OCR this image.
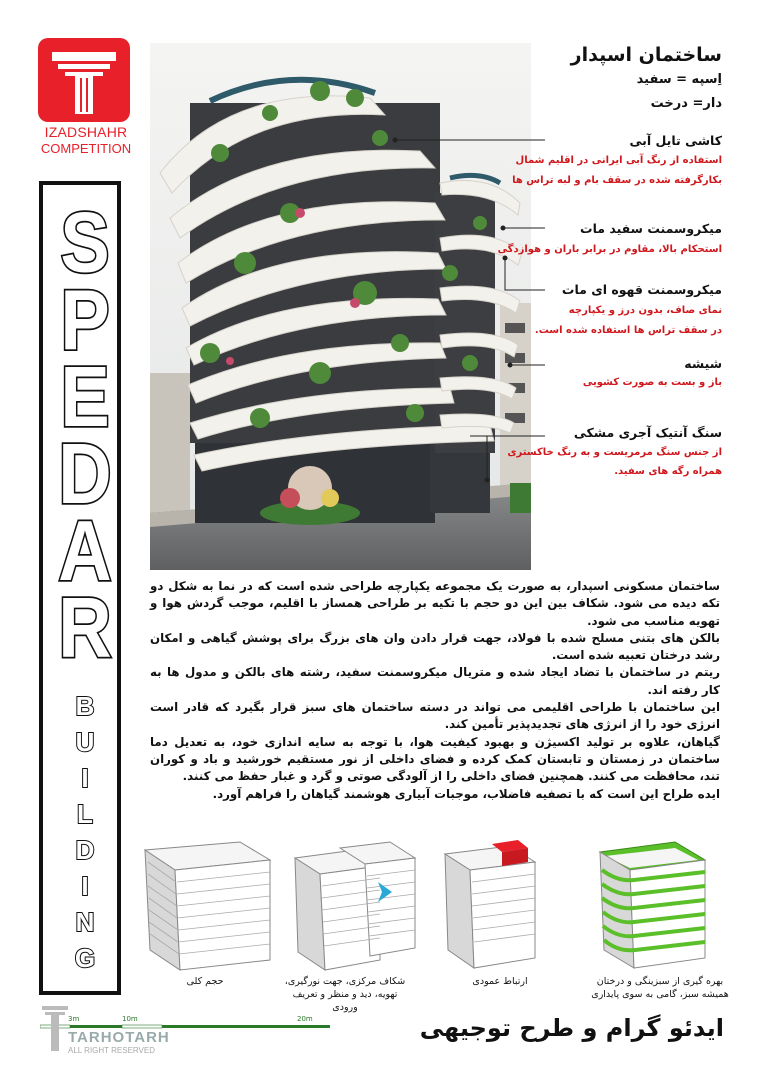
IZADSHAHR
COMPETITION
S
P
E
D
A
R
B
U
I
L
D
I
N
G
ساختمان اسپدار
اِسپه = سفید
دار= درخت
کاشی تایل آبی
استفاده از رنگ آبی ایرانی در اقلیم شمال
بکارگرفته شده در سقف بام و لبه تراس ها
میکروسمنت سفید مات
استحکام بالا، مقاوم در برابر باران و هوازدگی
میکروسمنت قهوه ای مات
نمای صاف، بدون درز و یکپارچه
در سقف تراس ها استفاده شده است.
شیشه
باز و بست به صورت کشویی
سنگ آنتیک آجری مشکی
از جنس سنگ مرمریست و به رنگ خاکستری
همراه رگه های سفید.

ساختمان مسکونی اسپدار، به صورت یک مجموعه یکپارچه طراحی شده است که در نما به شکل دو تکه دیده می شود. شکاف بین این دو حجم با تکیه بر طراحی همساز با اقلیم، موجب گردش هوا و تهویه مناسب می شود.

بالکن های بتنی مسلح شده با فولاد، جهت قرار دادن وان های بزرگ برای پوشش گیاهی و امکان رشد درختان تعبیه شده است.

ریتم در ساختمان با تضاد ایجاد شده و متریال میکروسمنت سفید، رشته های بالکن و مدول ها به کار رفته اند.

این ساختمان با طراحی اقلیمی می تواند در دسته ساختمان های سبز قرار بگیرد که قادر است انرژی خود را از انرژی های تجدیدپذیر تأمین کند.

گیاهان، علاوه بر تولید اکسیژن و بهبود کیفیت هوا، با توجه به سایه اندازی خود، به تعدیل دما ساختمان در زمستان و تابستان کمک کرده و فضای داخلی از نور مستقیم خورشید و باد و کوران تند، محافظت می کنند. همچنین فضای داخلی را از آلودگی صوتی و گرد و غبار حفظ می کنند.

ایده طراح این است که با تصفیه فاضلاب، موجبات آبیاری هوشمند گیاهان را فراهم آورد.

حجم کلی	شکاف مرکزی، جهت نورگیری،
تهویه، دید و منظر و تعریف ورودی
ارتباط عمودی	بهره گیری از سبزینگی و درختان
همیشه سبز، گامی به سوی پایداری
3m	10m	20m
TARHOTARH
ALL RIGHT RESERVED
ایدئو گرام و طرح توجیهی
